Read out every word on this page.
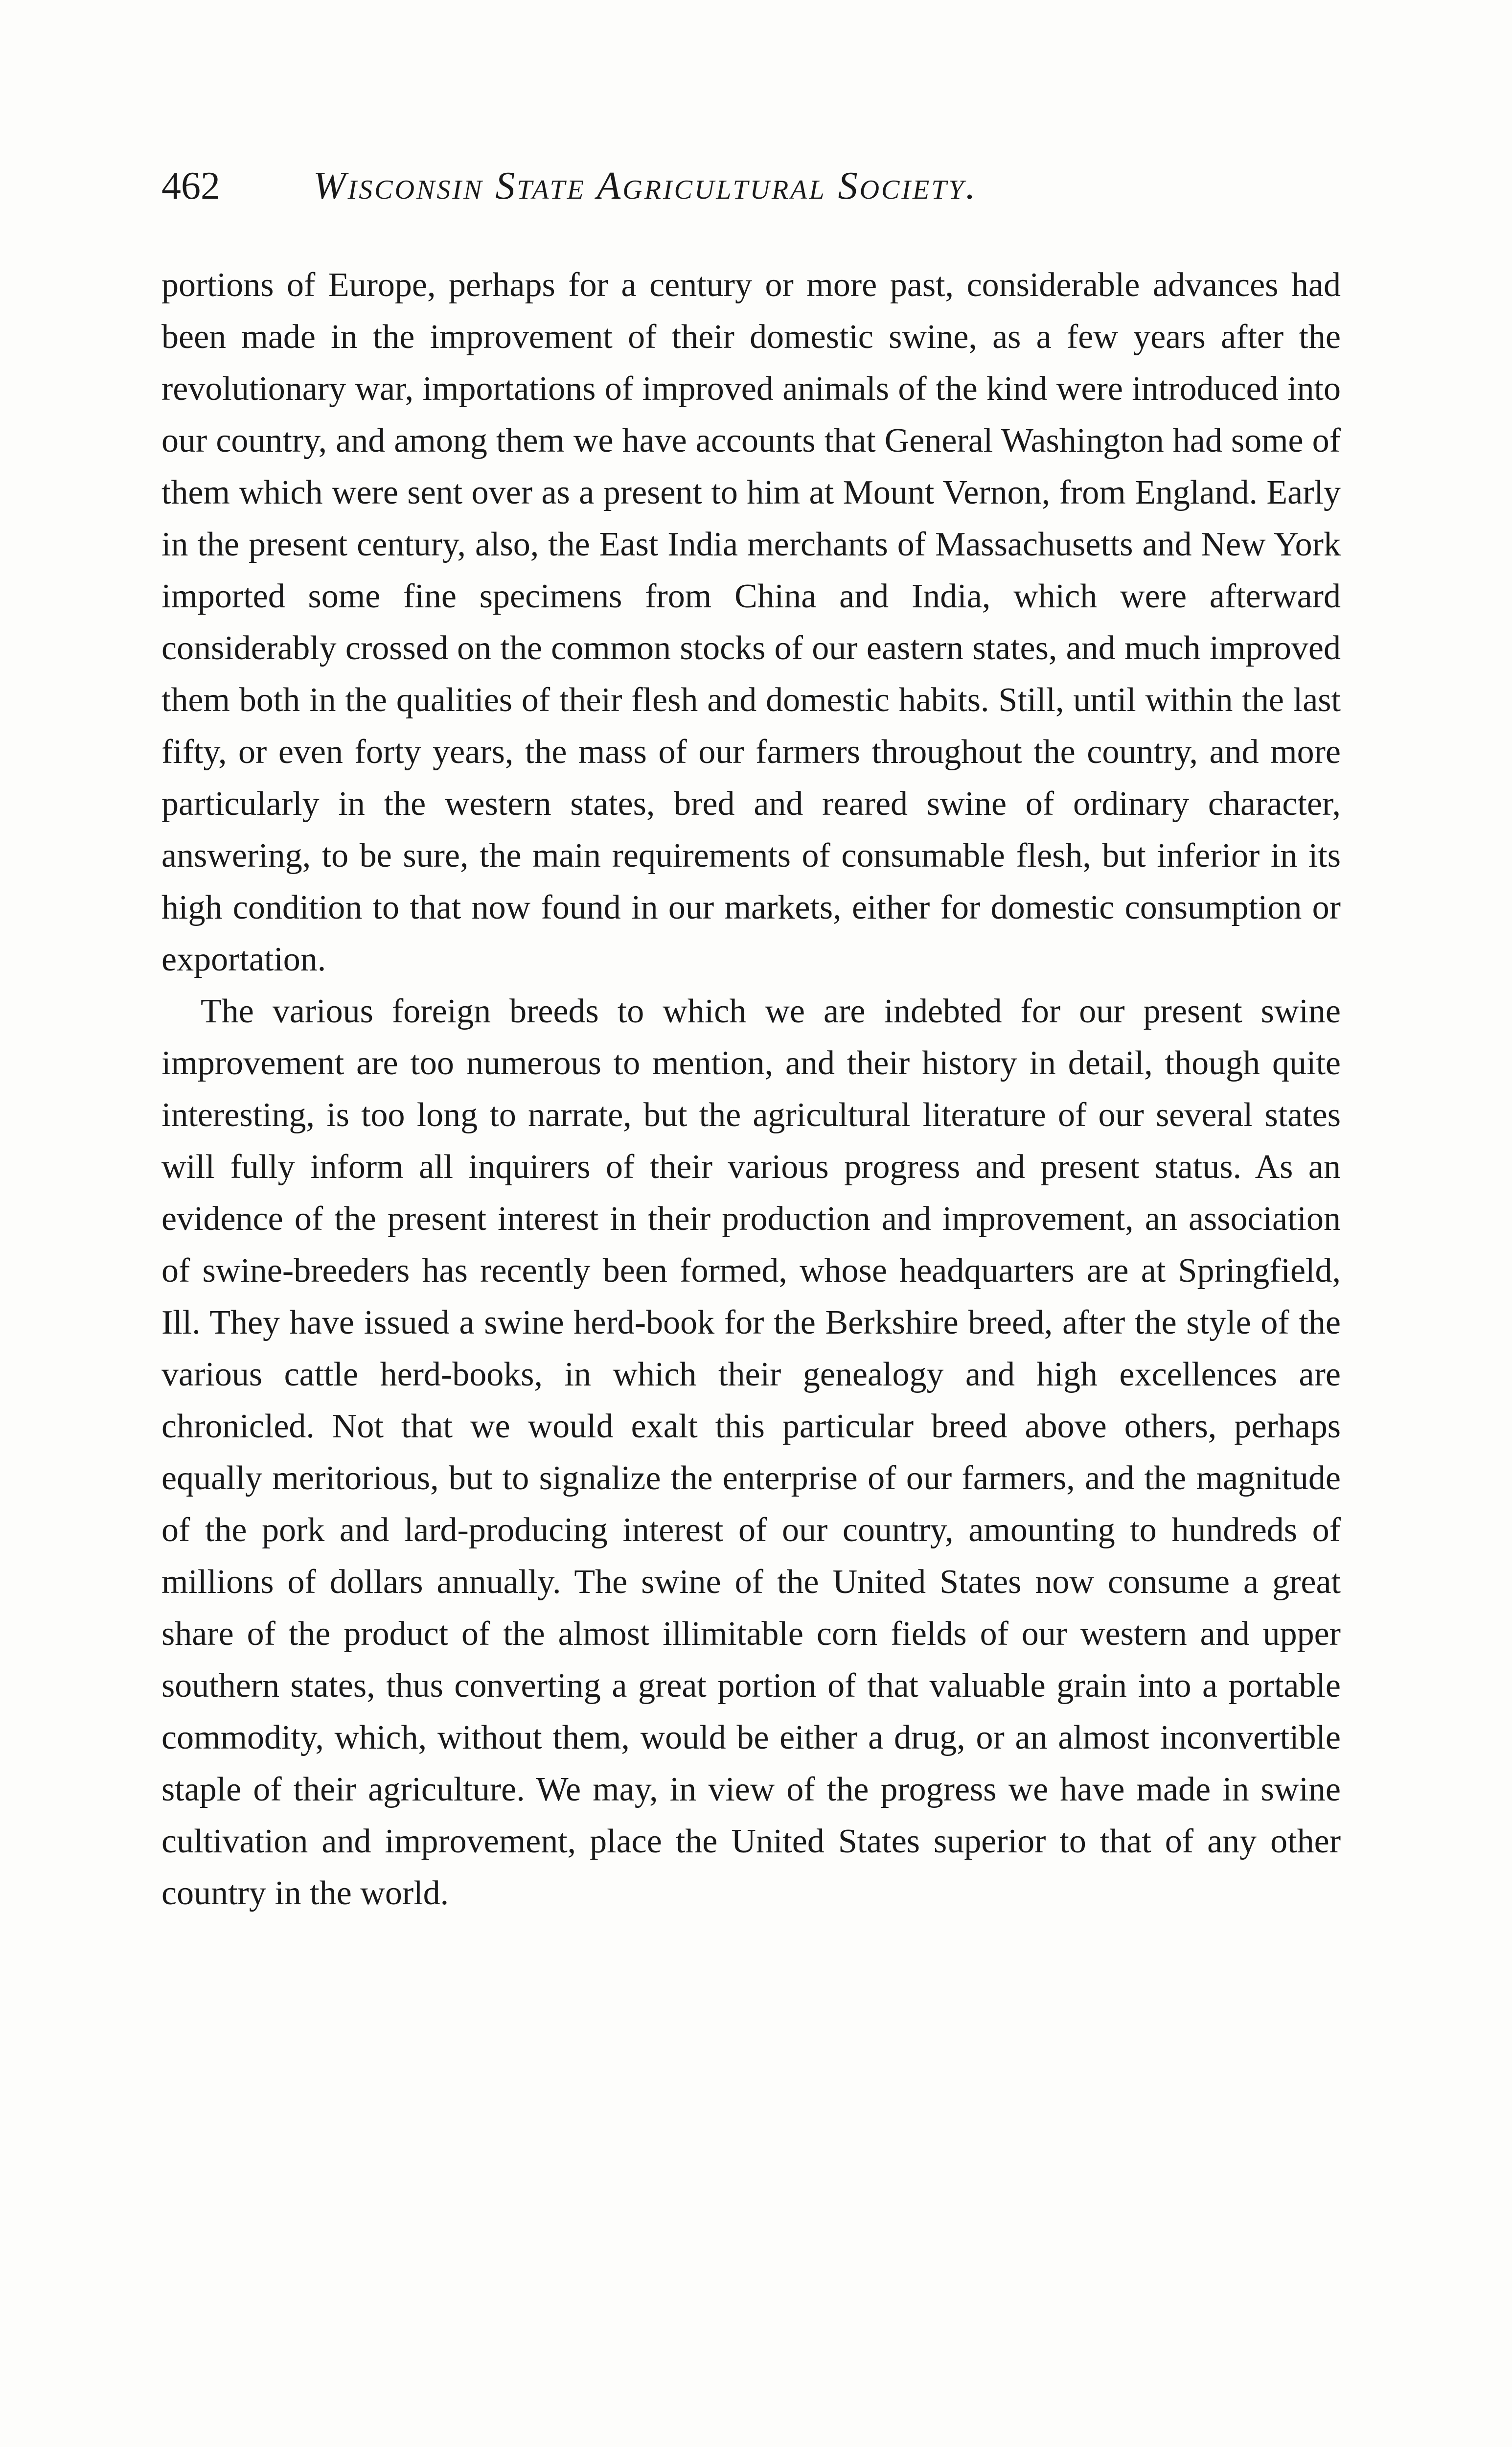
462 Wisconsin State Agricultural Society.

portions of Europe, perhaps for a century or more past, considerable advances had been made in the improvement of their domestic swine, as a few years after the revolutionary war, importations of improved animals of the kind were introduced into our country, and among them we have accounts that General Washington had some of them which were sent over as a present to him at Mount Vernon, from England. Early in the present century, also, the East India merchants of Massachusetts and New York imported some fine specimens from China and India, which were afterward considerably crossed on the common stocks of our eastern states, and much improved them both in the qualities of their flesh and domestic habits. Still, until within the last fifty, or even forty years, the mass of our farmers throughout the country, and more particularly in the western states, bred and reared swine of ordinary character, answering, to be sure, the main requirements of consumable flesh, but inferior in its high condition to that now found in our markets, either for domestic consumption or exportation.

The various foreign breeds to which we are indebted for our present swine improvement are too numerous to mention, and their history in detail, though quite interesting, is too long to narrate, but the agricultural literature of our several states will fully inform all inquirers of their various progress and present status. As an evidence of the present interest in their production and improvement, an association of swine-breeders has recently been formed, whose headquarters are at Springfield, Ill. They have issued a swine herd-book for the Berkshire breed, after the style of the various cattle herd-books, in which their genealogy and high excellences are chronicled. Not that we would exalt this particular breed above others, perhaps equally meritorious, but to signalize the enterprise of our farmers, and the magnitude of the pork and lard-producing interest of our country, amounting to hundreds of millions of dollars annually. The swine of the United States now consume a great share of the product of the almost illimitable corn fields of our western and upper southern states, thus converting a great portion of that valuable grain into a portable commodity, which, without them, would be either a drug, or an almost inconvertible staple of their agriculture. We may, in view of the progress we have made in swine cultivation and improvement, place the United States superior to that of any other country in the world.
